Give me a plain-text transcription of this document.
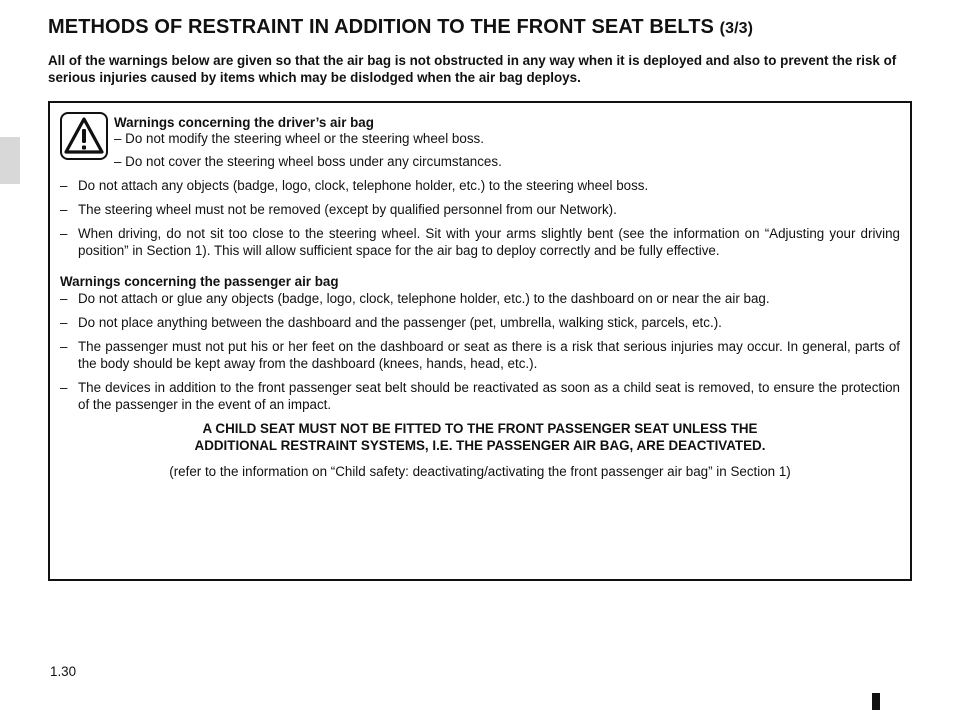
METHODS OF RESTRAINT IN ADDITION TO THE FRONT SEAT BELTS (3/3)

All of the warnings below are given so that the air bag is not obstructed in any way when it is deployed and also to prevent the risk of serious injuries caused by items which may be dislodged when the air bag deploys.

Warnings concerning the driver’s air bag
– Do not modify the steering wheel or the steering wheel boss.
– Do not cover the steering wheel boss under any circumstances.
– Do not attach any objects (badge, logo, clock, telephone holder, etc.) to the steering wheel boss.
– The steering wheel must not be removed (except by qualified personnel from our Network).
– When driving, do not sit too close to the steering wheel. Sit with your arms slightly bent (see the information on “Adjusting your driving position” in Section 1). This will allow sufficient space for the air bag to deploy correctly and be fully effective.
Warnings concerning the passenger air bag
– Do not attach or glue any objects (badge, logo, clock, telephone holder, etc.) to the dashboard on or near the air bag.
– Do not place anything between the dashboard and the passenger (pet, umbrella, walking stick, parcels, etc.).
– The passenger must not put his or her feet on the dashboard or seat as there is a risk that serious injuries may occur. In general, parts of the body should be kept away from the dashboard (knees, hands, head, etc.).
– The devices in addition to the front passenger seat belt should be reactivated as soon as a child seat is removed, to ensure the protection of the passenger in the event of an impact.
A CHILD SEAT MUST NOT BE FITTED TO THE FRONT PASSENGER SEAT UNLESS THE
ADDITIONAL RESTRAINT SYSTEMS, I.E. THE PASSENGER AIR BAG, ARE DEACTIVATED.
(refer to the information on “Child safety: deactivating/activating the front passenger air bag” in Section 1)
1.30
